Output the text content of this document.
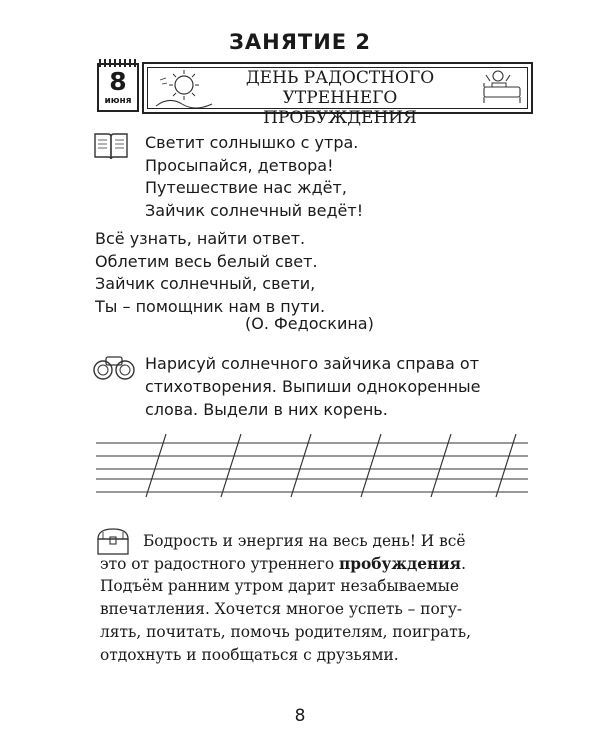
ЗАНЯТИЕ 2
8
июня
ДЕНЬ РАДОСТНОГО
УТРЕННЕГО ПРОБУЖДЕНИЯ
Светит солнышко с утра.
Просыпайся, детвора!
Путешествие нас ждёт,
Зайчик солнечный ведёт!
Всё узнать, найти ответ.
Облетим весь белый свет.
Зайчик солнечный, свети,
Ты – помощник нам в пути.
(О. Федоскина)
Нарисуй солнечного зайчика справа от
стихотворения. Выпиши однокоренные
слова. Выдели в них корень.
Бодрость и энергия на весь день! И всё
это от радостного утреннего пробуждения.
Подъём ранним утром дарит незабываемые
впечатления. Хочется многое успеть – погу-
лять, почитать, помочь родителям, поиграть,
отдохнуть и пообщаться с друзьями.
8
